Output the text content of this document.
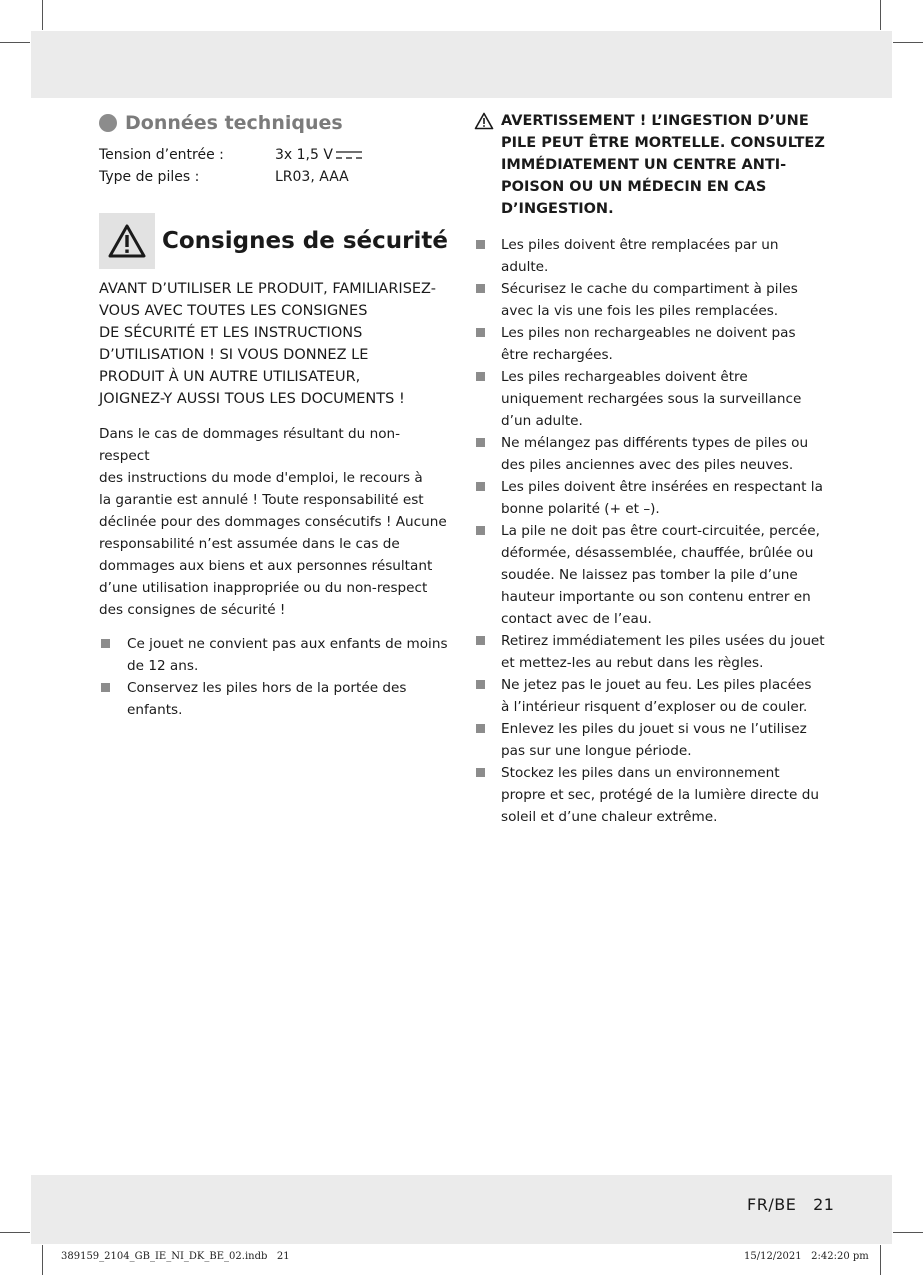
Données techniques
Tension d’entrée :	3x 1,5 V
Type de piles :	LR03, AAA
Consignes de sécurité
AVANT D’UTILISER LE PRODUIT, FAMILIARISEZ-
VOUS AVEC TOUTES LES CONSIGNES
DE SÉCURITÉ ET LES INSTRUCTIONS
D’UTILISATION ! SI VOUS DONNEZ LE
PRODUIT À UN AUTRE UTILISATEUR,
JOIGNEZ-Y AUSSI TOUS LES DOCUMENTS !
Dans le cas de dommages résultant du non-respect
des instructions du mode d'emploi, le recours à
la garantie est annulé ! Toute responsabilité est
déclinée pour des dommages consécutifs ! Aucune
responsabilité n’est assumée dans le cas de
dommages aux biens et aux personnes résultant
d’une utilisation inappropriée ou du non-respect
des consignes de sécurité !
Ce jouet ne convient pas aux enfants de moins
de 12 ans.
Conservez les piles hors de la portée des
enfants.
AVERTISSEMENT ! L’INGESTION D’UNE
PILE PEUT ÊTRE MORTELLE. CONSULTEZ
IMMÉDIATEMENT UN CENTRE ANTI-
POISON OU UN MÉDECIN EN CAS
D’INGESTION.
Les piles doivent être remplacées par un
adulte.
Sécurisez le cache du compartiment à piles
avec la vis une fois les piles remplacées.
Les piles non rechargeables ne doivent pas
être rechargées.
Les piles rechargeables doivent être
uniquement rechargées sous la surveillance
d’un adulte.
Ne mélangez pas différents types de piles ou
des piles anciennes avec des piles neuves.
Les piles doivent être insérées en respectant la
bonne polarité (+ et –).
La pile ne doit pas être court-circuitée, percée,
déformée, désassemblée, chauffée, brûlée ou
soudée. Ne laissez pas tomber la pile d’une
hauteur importante ou son contenu entrer en
contact avec de l’eau.
Retirez immédiatement les piles usées du jouet
et mettez-les au rebut dans les règles.
Ne jetez pas le jouet au feu. Les piles placées
à l’intérieur risquent d’exploser ou de couler.
Enlevez les piles du jouet si vous ne l’utilisez
pas sur une longue période.
Stockez les piles dans un environnement
propre et sec, protégé de la lumière directe du
soleil et d’une chaleur extrême.
FR/BE 21
389159_2104_GB_IE_NI_DK_BE_02.indb   21	15/12/2021   2:42:20 pm
